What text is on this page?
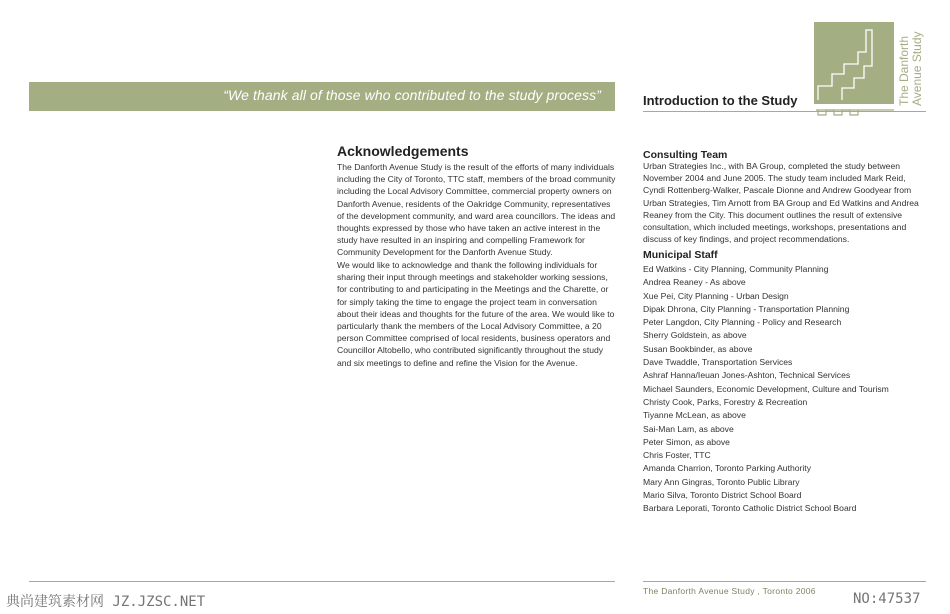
“We thank all of those who contributed to the study process”	Introduction to the Study	The Danforth Avenue Study
Acknowledgements

The Danforth Avenue Study is the result of the efforts of many individuals including the City of Toronto, TTC staff, members of the broad community including the Local Advisory Committee, commercial property owners on Danforth Avenue, residents of the Oakridge Community, representatives of the development community, and ward area councillors. The ideas and thoughts expressed by those who have taken an active interest in the study have resulted in an inspiring and compelling Framework for Community Development for the Danforth Avenue Study.

We would like to acknowledge and thank the following individuals for sharing their input through meetings and stakeholder working sessions, for contributing to and participating in the Meetings and the Charette, or for simply taking the time to engage the project team in conversation about their ideas and thoughts for the future of the area. We would like to particularly thank the members of the Local Advisory Committee, a 20 person Committee comprised of local residents, business operators and Councillor Altobello, who contributed significantly throughout the study and six meetings to define and refine the Vision for the Avenue.

Consulting Team

Urban Strategies Inc., with BA Group, completed the study between November 2004 and June 2005. The study team included Mark Reid, Cyndi Rottenberg-Walker, Pascale Dionne and Andrew Goodyear from Urban Strategies, Tim Arnott from BA Group and Ed Watkins and Andrea Reaney from the City. This document outlines the result of extensive consultation, which included meetings, workshops, presentations and discuss of key findings, and project recommendations.

Municipal Staff
Ed Watkins - City Planning, Community Planning
Andrea Reaney - As above
Xue Pei, City Planning - Urban Design
Dipak Dhrona, City Planning - Transportation Planning
Peter Langdon, City Planning - Policy and Research
Sherry Goldstein, as above
Susan Bookbinder, as above
Dave Twaddle, Transportation Services
Ashraf Hanna/Ieuan Jones-Ashton, Technical Services
Michael Saunders, Economic Development, Culture and Tourism
Christy Cook, Parks, Forestry & Recreation
Tiyanne McLean, as above
Sai-Man Lam, as above
Peter Simon, as above
Chris Foster, TTC
Amanda Charrion, Toronto Parking Authority
Mary Ann Gingras, Toronto Public Library
Mario Silva, Toronto District School Board
Barbara Leporati, Toronto Catholic District School Board
The Danforth Avenue Study , Toronto 2006
典尚建筑素材网 JZ.JZSC.NET	NO:47537
